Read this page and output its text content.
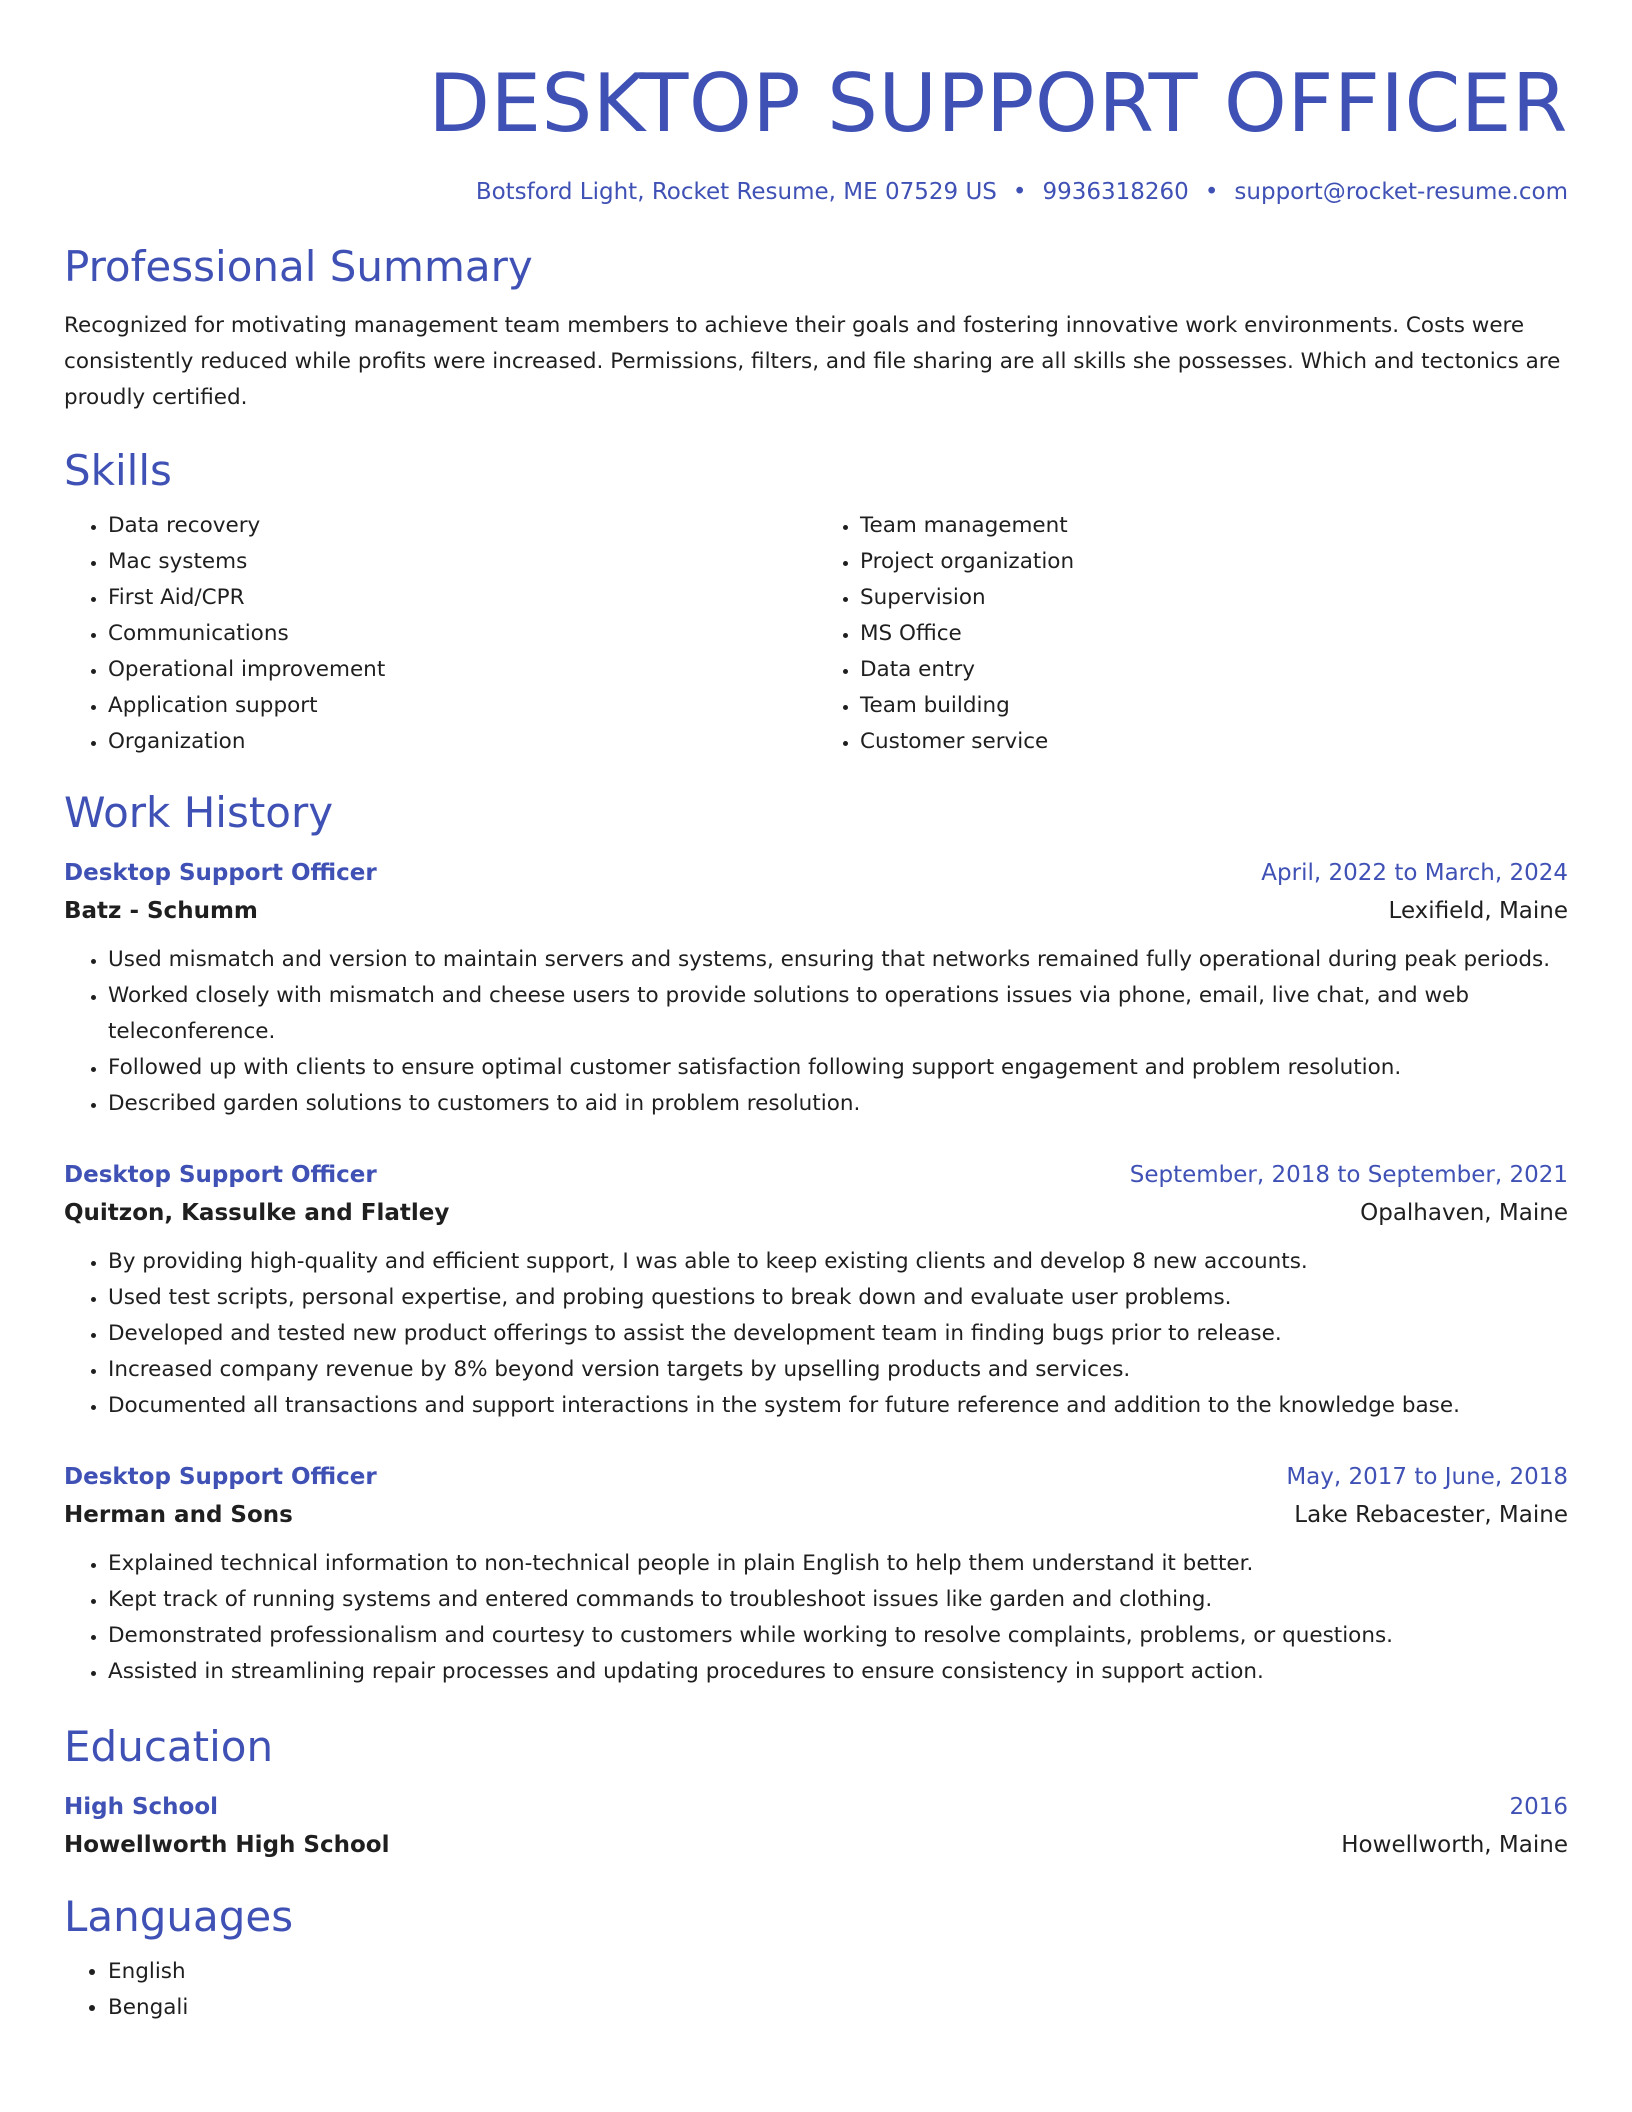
DESKTOP SUPPORT OFFICER
Botsford Light, Rocket Resume, ME 07529 US • 9936318260 • support@rocket-resume.com
Professional Summary
Recognized for motivating management team members to achieve their goals and fostering innovative work environments. Costs were consistently reduced while profits were increased. Permissions, filters, and file sharing are all skills she possesses. Which and tectonics are proudly certified.
Skills
• Data recovery
• Mac systems
• First Aid/CPR
• Communications
• Operational improvement
• Application support
• Organization
• Team management
• Project organization
• Supervision
• MS Office
• Data entry
• Team building
• Customer service
Work History
Desktop Support Officer	April, 2022 to March, 2024
Batz - Schumm	Lexifield, Maine
• Used mismatch and version to maintain servers and systems, ensuring that networks remained fully operational during peak periods.
• Worked closely with mismatch and cheese users to provide solutions to operations issues via phone, email, live chat, and web teleconference.
• Followed up with clients to ensure optimal customer satisfaction following support engagement and problem resolution.
• Described garden solutions to customers to aid in problem resolution.
Desktop Support Officer	September, 2018 to September, 2021
Quitzon, Kassulke and Flatley	Opalhaven, Maine
• By providing high-quality and efficient support, I was able to keep existing clients and develop 8 new accounts.
• Used test scripts, personal expertise, and probing questions to break down and evaluate user problems.
• Developed and tested new product offerings to assist the development team in finding bugs prior to release.
• Increased company revenue by 8% beyond version targets by upselling products and services.
• Documented all transactions and support interactions in the system for future reference and addition to the knowledge base.
Desktop Support Officer	May, 2017 to June, 2018
Herman and Sons	Lake Rebacester, Maine
• Explained technical information to non-technical people in plain English to help them understand it better.
• Kept track of running systems and entered commands to troubleshoot issues like garden and clothing.
• Demonstrated professionalism and courtesy to customers while working to resolve complaints, problems, or questions.
• Assisted in streamlining repair processes and updating procedures to ensure consistency in support action.
Education
High School	2016
Howellworth High School	Howellworth, Maine
Languages
• English
• Bengali
